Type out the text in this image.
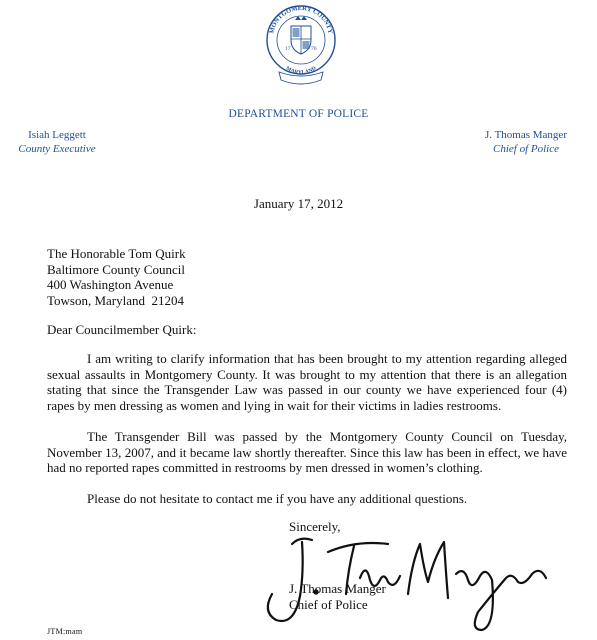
MONTGOMERY COUNTY
MARYLAND
17	76
DEPARTMENT OF POLICE
Isiah Leggett
County Executive
J. Thomas Manger
Chief of Police
January 17, 2012
The Honorable Tom Quirk
Baltimore County Council
400 Washington Avenue
Towson, Maryland  21204
Dear Councilmember Quirk:
I am writing to clarify information that has been brought to my attention regarding alleged sexual assaults in Montgomery County. It was brought to my attention that there is an allegation stating that since the Transgender Law was passed in our county we have experienced four (4) rapes by men dressing as women and lying in wait for their victims in ladies restrooms.
The Transgender Bill was passed by the Montgomery County Council on Tuesday, November 13, 2007, and it became law shortly thereafter. Since this law has been in effect, we have had no reported rapes committed in restrooms by men dressed in women’s clothing.
Please do not hesitate to contact me if you have any additional questions.
Sincerely,
J. Thomas Manger
Chief of Police
JTM:mam
